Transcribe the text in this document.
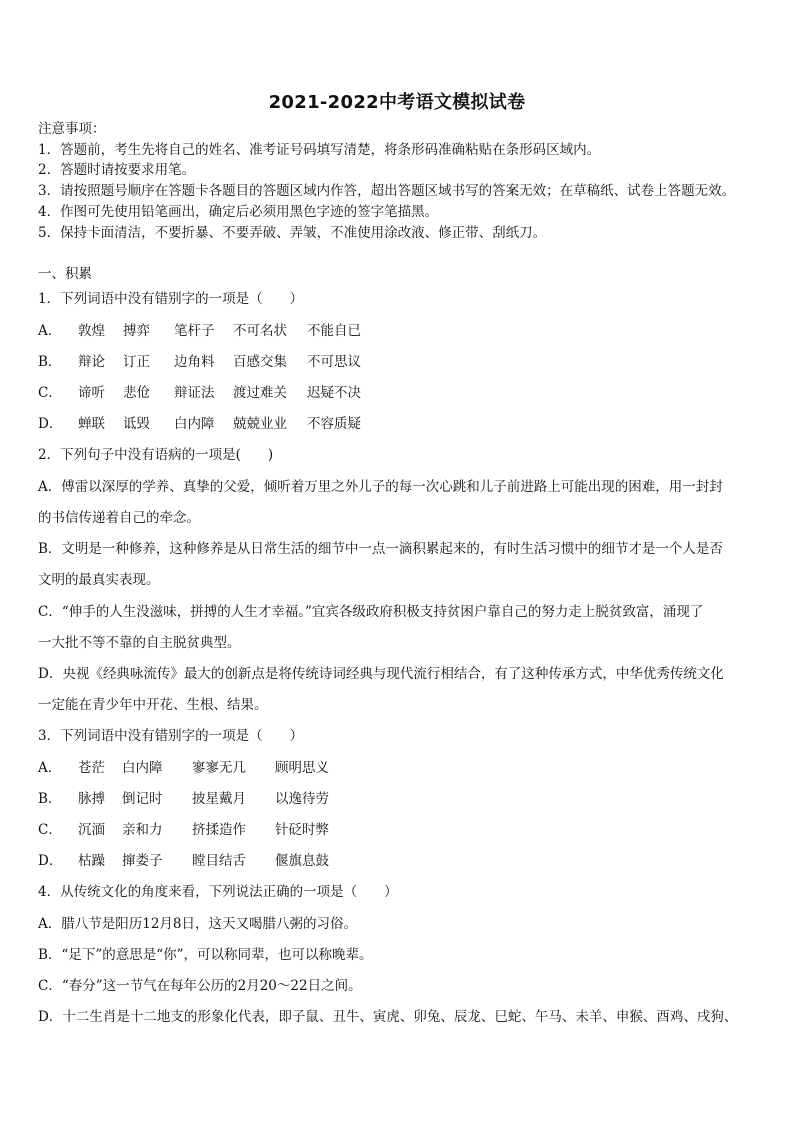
2021-2022中考语文模拟试卷
注意事项：
1．答题前，考生先将自己的姓名、准考证号码填写清楚，将条形码准确粘贴在条形码区域内。
2．答题时请按要求用笔。
3．请按照题号顺序在答题卡各题目的答题区域内作答，超出答题区域书写的答案无效；在草稿纸、试卷上答题无效。
4．作图可先使用铅笔画出，确定后必须用黑色字迹的签字笔描黑。
5．保持卡面清洁，不要折暴、不要弄破、弄皱，不准使用涂改液、修正带、刮纸刀。
一、积累
1．下列词语中没有错别字的一项是（　　）
A． 敦煌 搏弈 笔杆子 不可名状 不能自已
B． 辩论 订正 边角料 百感交集 不可思议
C． 谛听 悲伧 辩证法 渡过难关 迟疑不决
D． 蝉联 诋毁 白内障 兢兢业业 不容质疑
2．下列句子中没有语病的一项是(　　)
A．傅雷以深厚的学养、真挚的父爱，倾听着万里之外儿子的每一次心跳和儿子前进路上可能出现的困难，用一封封
的书信传递着自己的牵念。
B．文明是一种修养，这种修养是从日常生活的细节中一点一滴积累起来的，有时生活习惯中的细节才是一个人是否
文明的最真实表现。
C．“伸手的人生没滋味，拼搏的人生才幸福。”宜宾各级政府积极支持贫困户靠自己的努力走上脱贫致富，涌现了
一大批不等不靠的自主脱贫典型。
D．央视《经典咏流传》最大的创新点是将传统诗词经典与现代流行相结合，有了这种传承方式，中华优秀传统文化
一定能在青少年中开花、生根、结果。
3．下列词语中没有错别字的一项是（　　）
A． 苍茫 白内障 寥寥无几 顾明思义
B． 脉搏 倒记时 披星戴月 以逸待劳
C． 沉湎 亲和力 挤揉造作 针砭时弊
D． 枯躁 撺娄子 瞠目结舌 偃旗息鼓
4．从传统文化的角度来看，下列说法正确的一项是（　　）
A．腊八节是阳历12月8日，这天又喝腊八粥的习俗。
B．“足下”的意思是“你”，可以称同辈，也可以称晚辈。
C．“春分”这一节气在每年公历的2月20～22日之间。
D．十二生肖是十二地支的形象化代表，即子鼠、丑牛、寅虎、卯兔、辰龙、巳蛇、午马、未羊、申猴、酉鸡、戌狗、
